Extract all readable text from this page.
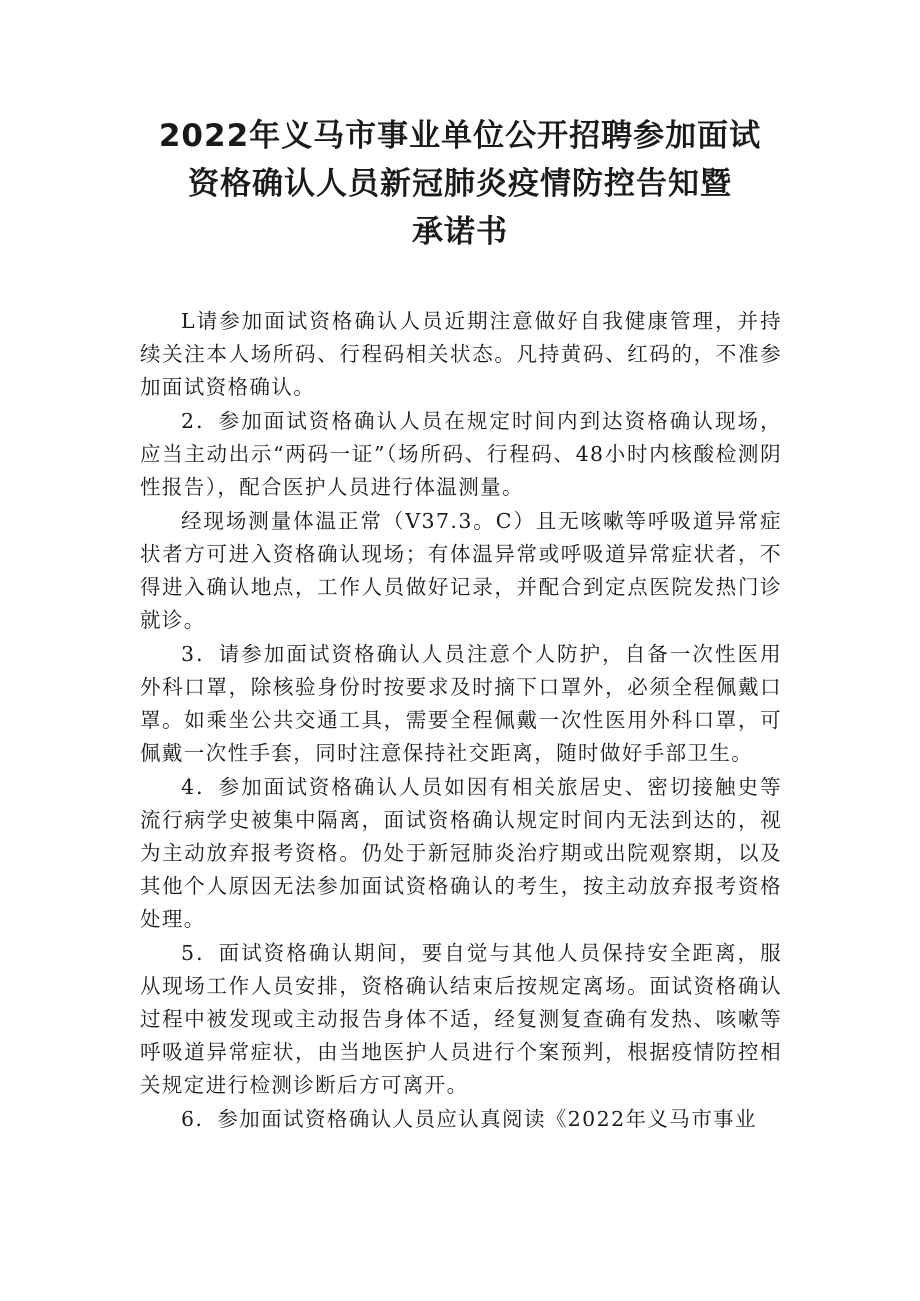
2022年义马市事业单位公开招聘参加面试
资格确认人员新冠肺炎疫情防控告知暨
承诺书

L请参加面试资格确认人员近期注意做好自我健康管理，并持续关注本人场所码、行程码相关状态。凡持黄码、红码的，不准参加面试资格确认。

2．参加面试资格确认人员在规定时间内到达资格确认现场，应当主动出示“两码一证”（场所码、行程码、48小时内核酸检测阴性报告），配合医护人员进行体温测量。

经现场测量体温正常（V37.3。C）且无咳嗽等呼吸道异常症状者方可进入资格确认现场；有体温异常或呼吸道异常症状者，不得进入确认地点，工作人员做好记录，并配合到定点医院发热门诊就诊。

3．请参加面试资格确认人员注意个人防护，自备一次性医用外科口罩，除核验身份时按要求及时摘下口罩外，必须全程佩戴口罩。如乘坐公共交通工具，需要全程佩戴一次性医用外科口罩，可佩戴一次性手套，同时注意保持社交距离，随时做好手部卫生。

4．参加面试资格确认人员如因有相关旅居史、密切接触史等流行病学史被集中隔离，面试资格确认规定时间内无法到达的，视为主动放弃报考资格。仍处于新冠肺炎治疗期或出院观察期，以及其他个人原因无法参加面试资格确认的考生，按主动放弃报考资格处理。

5．面试资格确认期间，要自觉与其他人员保持安全距离，服从现场工作人员安排，资格确认结束后按规定离场。面试资格确认过程中被发现或主动报告身体不适，经复测复查确有发热、咳嗽等呼吸道异常症状，由当地医护人员进行个案预判，根据疫情防控相关规定进行检测诊断后方可离开。

6．参加面试资格确认人员应认真阅读《2022年义马市事业
